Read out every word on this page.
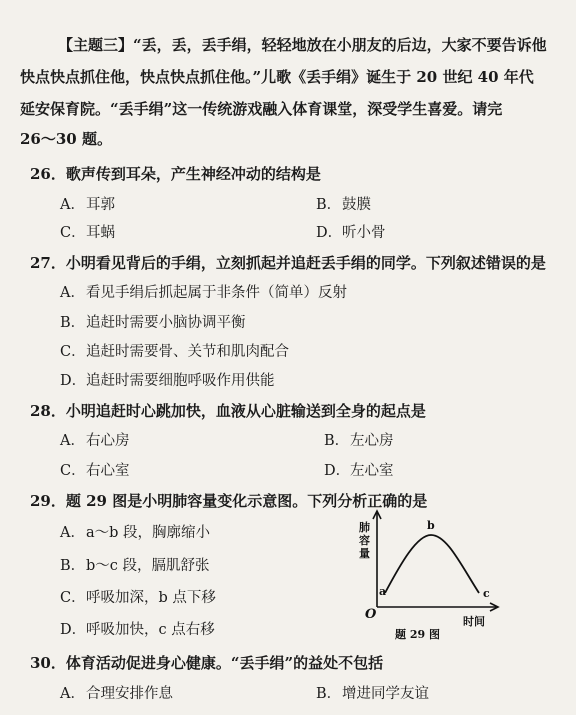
【主题三】“丢，丢，丢手绢，轻轻地放在小朋友的后边，大家不要告诉他
快点快点抓住他，快点快点抓住他。”儿歌《丢手绢》诞生于 20 世纪 40 年代
延安保育院。“丢手绢”这一传统游戏融入体育课堂，深受学生喜爱。请完
26～30 题。
26．歌声传到耳朵，产生神经冲动的结构是
A．耳郭	B．鼓膜
C．耳蜗	D．听小骨
27．小明看见背后的手绢，立刻抓起并追赶丢手绢的同学。下列叙述错误的是
A．看见手绢后抓起属于非条件（简单）反射
B．追赶时需要小脑协调平衡
C．追赶时需要骨、关节和肌肉配合
D．追赶时需要细胞呼吸作用供能
28．小明追赶时心跳加快，血液从心脏输送到全身的起点是
A．右心房	B．左心房
C．右心室	D．左心室
29．题 29 图是小明肺容量变化示意图。下列分析正确的是
A．a～b 段，胸廓缩小
B．b～c 段，膈肌舒张
C．呼吸加深，b 点下移
D．呼吸加快，c 点右移
肺容量
O
a
b
c
时间
题 29 图
30．体育活动促进身心健康。“丢手绢”的益处不包括
A．合理安排作息	B．增进同学友谊
